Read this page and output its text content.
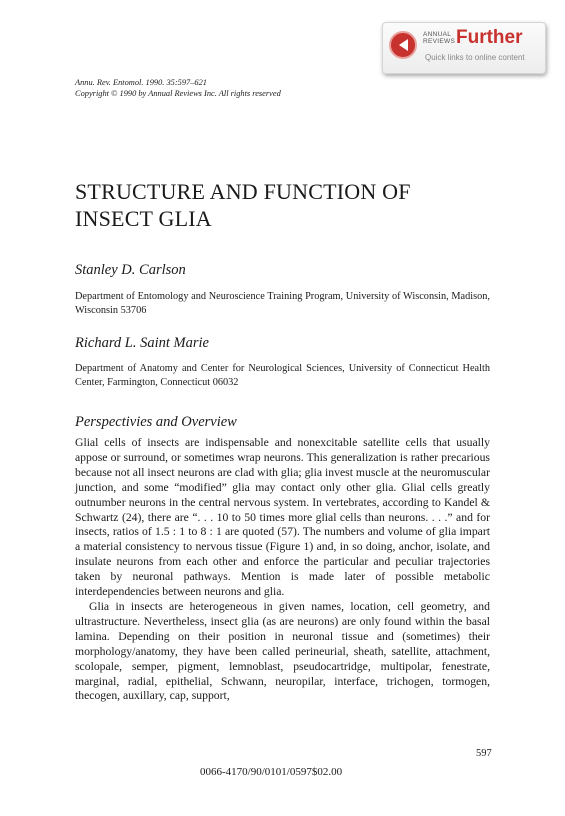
ANNUAL
REVIEWS Further
Quick links to online content
Annu. Rev. Entomol. 1990. 35:597–621
Copyright © 1990 by Annual Reviews Inc. All rights reserved
STRUCTURE AND FUNCTION OF
INSECT GLIA
Stanley D. Carlson
Department of Entomology and Neuroscience Training Program, University of Wisconsin, Madison, Wisconsin 53706
Richard L. Saint Marie
Department of Anatomy and Center for Neurological Sciences, University of Connecticut Health Center, Farmington, Connecticut 06032
Perspectivies and Overview

Glial cells of insects are indispensable and nonexcitable satellite cells that usually appose or surround, or sometimes wrap neurons. This generalization is rather precarious because not all insect neurons are clad with glia; glia invest muscle at the neuromuscular junction, and some “modified” glia may contact only other glia. Glial cells greatly outnumber neurons in the central nervous system. In vertebrates, according to Kandel & Schwartz (24), there are “. . . 10 to 50 times more glial cells than neurons. . . .” and for insects, ratios of 1.5 : 1 to 8 : 1 are quoted (57). The numbers and volume of glia impart a material consistency to nervous tissue (Figure 1) and, in so doing, anchor, isolate, and insulate neurons from each other and enforce the particular and peculiar trajectories taken by neuronal pathways. Mention is made later of possible metabolic interdependencies between neurons and glia.

Glia in insects are heterogeneous in given names, location, cell geometry, and ultrastructure. Nevertheless, insect glia (as are neurons) are only found within the basal lamina. Depending on their position in neuronal tissue and (sometimes) their morphology/anatomy, they have been called perineurial, sheath, satellite, attachment, scolopale, semper, pigment, lemnoblast, pseudocartridge, multipolar, fenestrate, marginal, radial, epithelial, Schwann, neuropilar, interface, trichogen, tormogen, thecogen, auxillary, cap, support,

597
0066-4170/90/0101/0597$02.00
